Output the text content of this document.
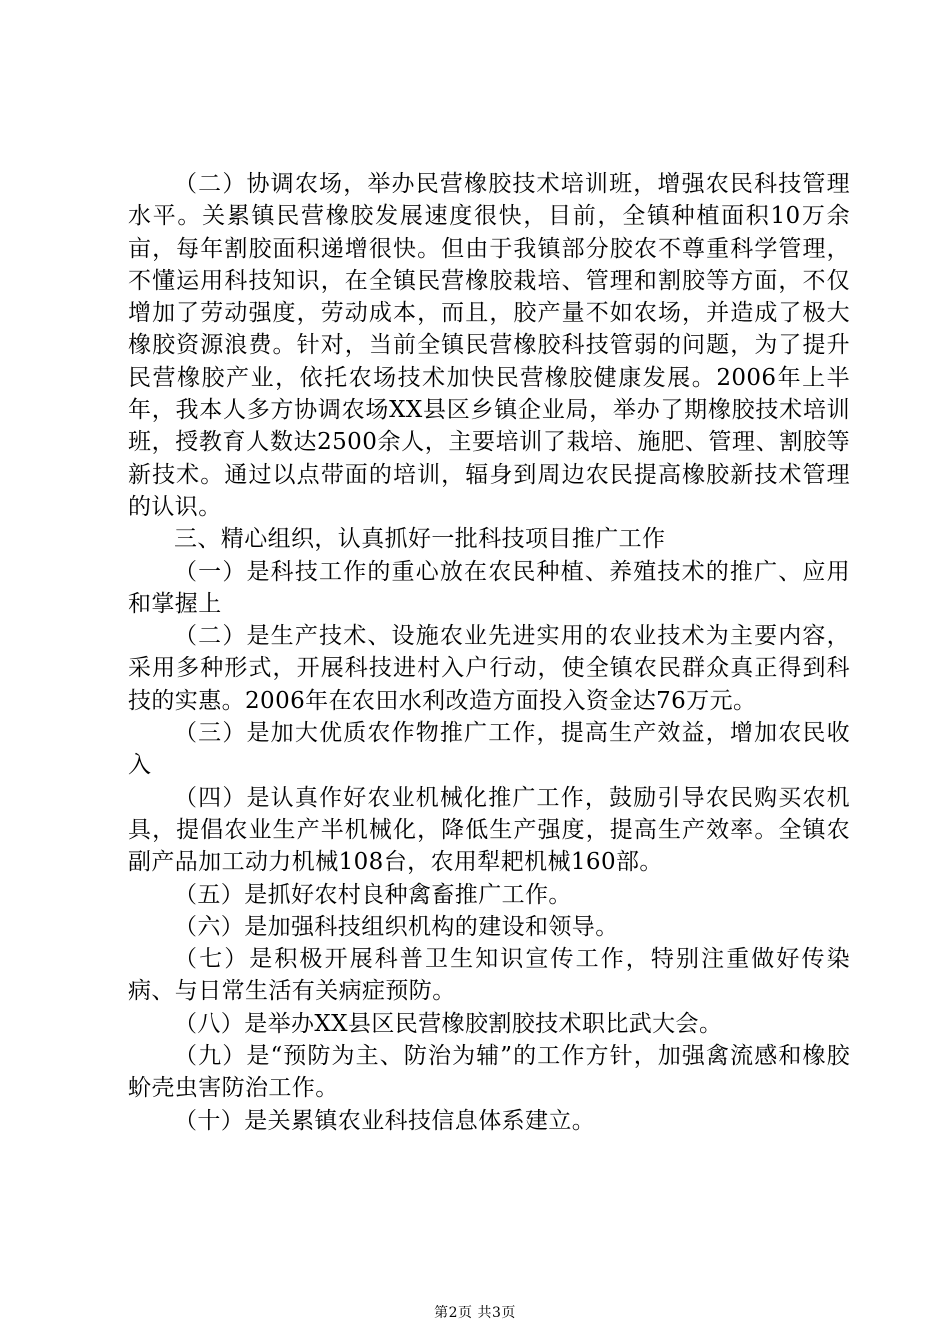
（二）协调农场，举办民营橡胶技术培训班，增强农民科技管理水平。关累镇民营橡胶发展速度很快，目前，全镇种植面积10万余亩，每年割胶面积递增很快。但由于我镇部分胶农不尊重科学管理，不懂运用科技知识，在全镇民营橡胶栽培、管理和割胶等方面，不仅增加了劳动强度，劳动成本，而且，胶产量不如农场，并造成了极大橡胶资源浪费。针对，当前全镇民营橡胶科技管弱的问题，为了提升民营橡胶产业，依托农场技术加快民营橡胶健康发展。2006年上半年，我本人多方协调农场XX县区乡镇企业局，举办了期橡胶技术培训班，授教育人数达2500余人，主要培训了栽培、施肥、管理、割胶等新技术。通过以点带面的培训，辐身到周边农民提高橡胶新技术管理的认识。

三、精心组织，认真抓好一批科技项目推广工作

（一）是科技工作的重心放在农民种植、养殖技术的推广、应用和掌握上

（二）是生产技术、设施农业先进实用的农业技术为主要内容，采用多种形式，开展科技进村入户行动，使全镇农民群众真正得到科技的实惠。2006年在农田水利改造方面投入资金达76万元。

（三）是加大优质农作物推广工作，提高生产效益，增加农民收入

（四）是认真作好农业机械化推广工作，鼓励引导农民购买农机具，提倡农业生产半机械化，降低生产强度，提高生产效率。全镇农副产品加工动力机械108台，农用犁耙机械160部。

（五）是抓好农村良种禽畜推广工作。

（六）是加强科技组织机构的建设和领导。

（七）是积极开展科普卫生知识宣传工作，特别注重做好传染病、与日常生活有关病症预防。

（八）是举办XX县区民营橡胶割胶技术职比武大会。

（九）是“预防为主、防治为辅”的工作方针，加强禽流感和橡胶蚧壳虫害防治工作。

（十）是关累镇农业科技信息体系建立。

第2页 共3页
